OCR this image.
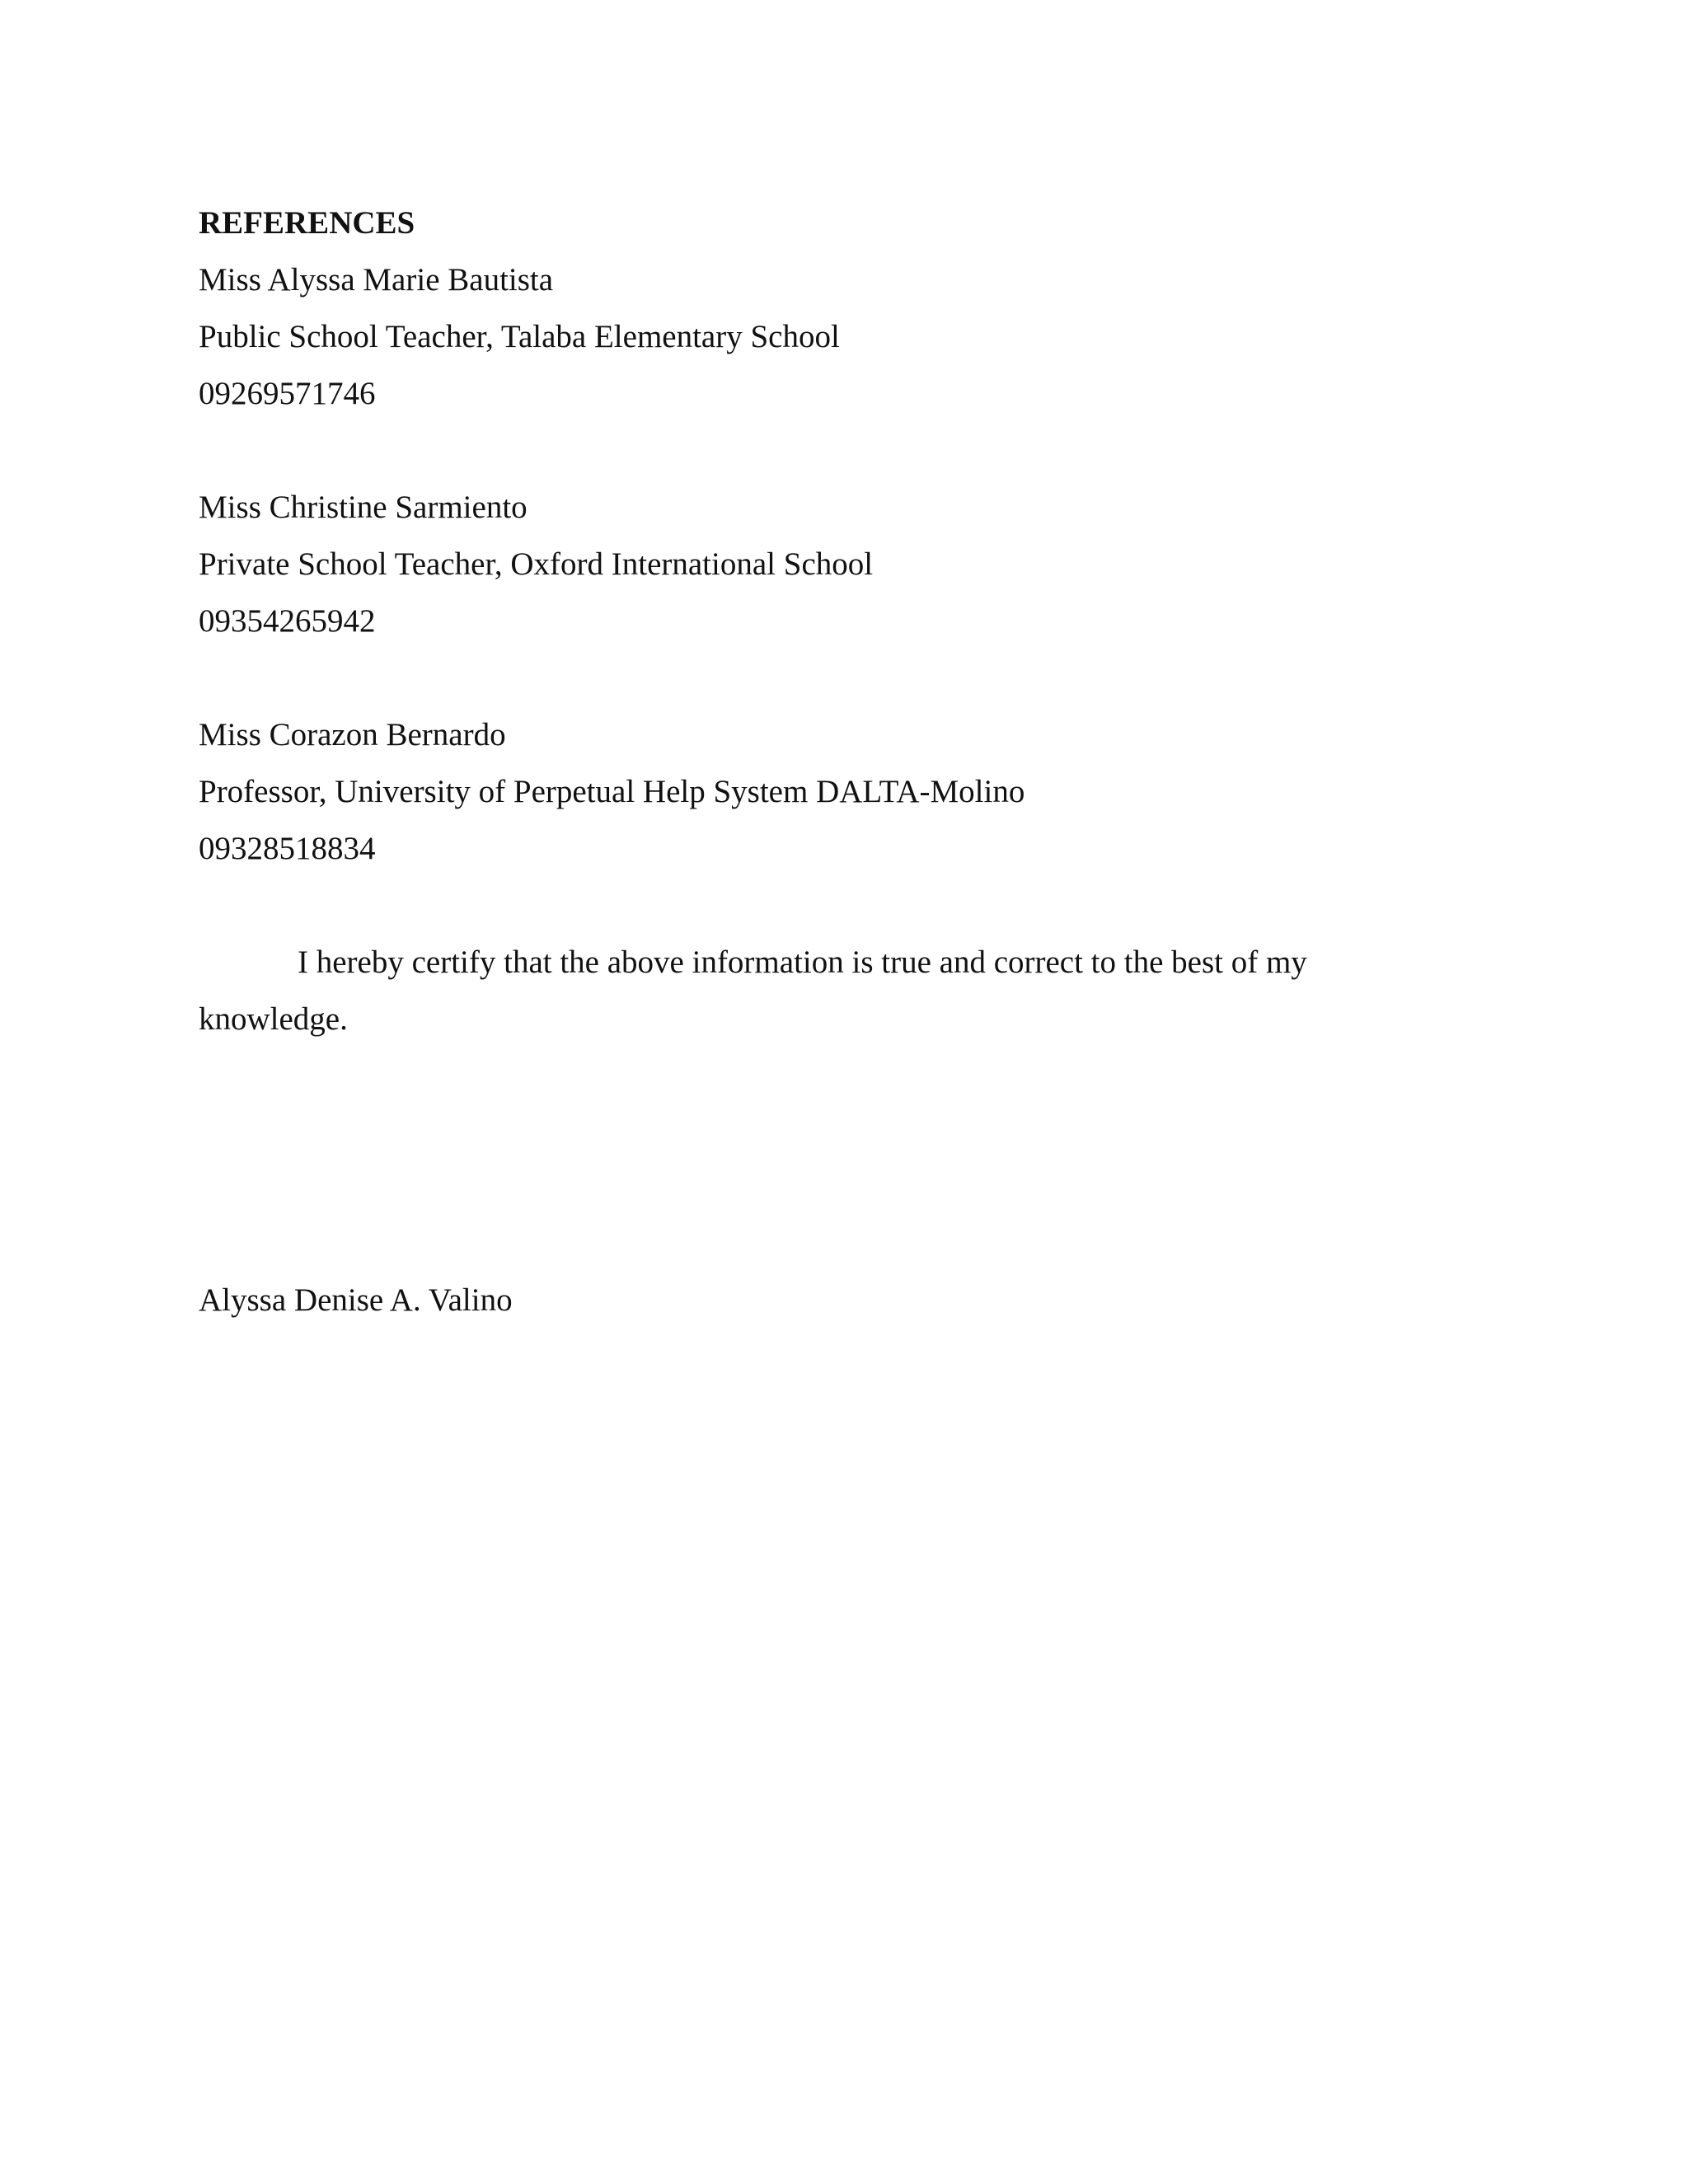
REFERENCES
Miss Alyssa Marie Bautista
Public School Teacher, Talaba Elementary School
09269571746
Miss Christine Sarmiento
Private School Teacher, Oxford International School
09354265942
Miss Corazon Bernardo
Professor, University of Perpetual Help System DALTA-Molino
09328518834

I hereby certify that the above information is true and correct to the best of my knowledge.

Alyssa Denise A. Valino
